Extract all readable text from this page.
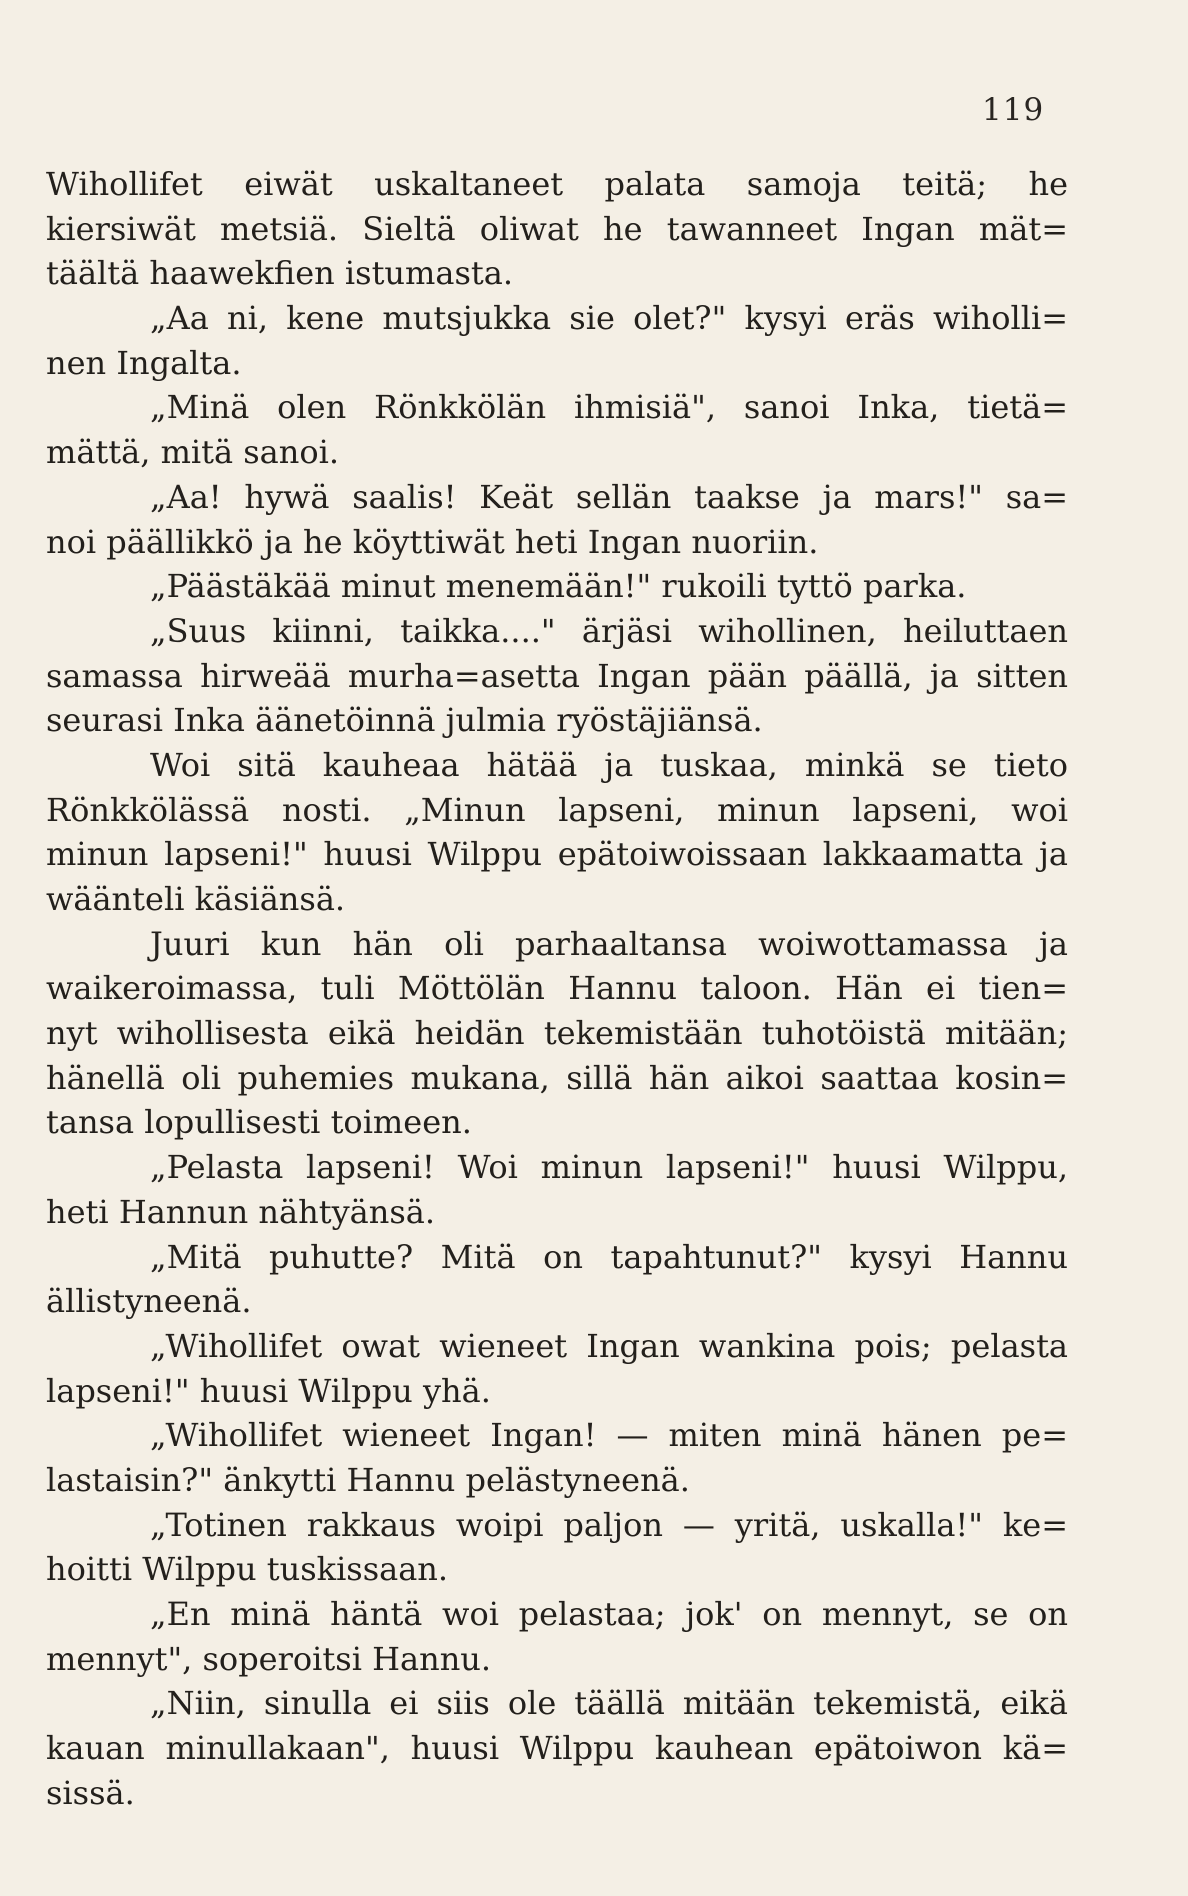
119
Wihollifet eiwät uskaltaneet palata samoja teitä; he
kiersiwät metsiä. Sieltä oliwat he tawanneet Ingan mät=
täältä haawekfien istumasta.
„Aa ni, kene mutsjukka sie olet?" kysyi eräs wiholli=
nen Ingalta.
„Minä olen Rönkkölän ihmisiä", sanoi Inka, tietä=
mättä, mitä sanoi.
„Aa! hywä saalis! Keät sellän taakse ja mars!" sa=
noi päällikkö ja he köyttiwät heti Ingan nuoriin.
„Päästäkää minut menemään!" rukoili tyttö parka.
„Suus kiinni, taikka...." ärjäsi wihollinen, heiluttaen
samassa hirweää murha=asetta Ingan pään päällä, ja sitten
seurasi Inka äänetöinnä julmia ryöstäjiänsä.
Woi sitä kauheaa hätää ja tuskaa, minkä se tieto
Rönkkölässä nosti. „Minun lapseni, minun lapseni, woi
minun lapseni!" huusi Wilppu epätoiwoissaan lakkaamatta ja
wäänteli käsiänsä.
Juuri kun hän oli parhaaltansa woiwottamassa ja
waikeroimassa, tuli Möttölän Hannu taloon. Hän ei tien=
nyt wihollisesta eikä heidän tekemistään tuhotöistä mitään;
hänellä oli puhemies mukana, sillä hän aikoi saattaa kosin=
tansa lopullisesti toimeen.
„Pelasta lapseni! Woi minun lapseni!" huusi Wilppu,
heti Hannun nähtyänsä.
„Mitä puhutte? Mitä on tapahtunut?" kysyi Hannu
ällistyneenä.
„Wihollifet owat wieneet Ingan wankina pois; pelasta
lapseni!" huusi Wilppu yhä.
„Wihollifet wieneet Ingan! — miten minä hänen pe=
lastaisin?" änkytti Hannu pelästyneenä.
„Totinen rakkaus woipi paljon — yritä, uskalla!" ke=
hoitti Wilppu tuskissaan.
„En minä häntä woi pelastaa; jok' on mennyt, se on
mennyt", soperoitsi Hannu.
„Niin, sinulla ei siis ole täällä mitään tekemistä, eikä
kauan minullakaan", huusi Wilppu kauhean epätoiwon kä=
sissä.
